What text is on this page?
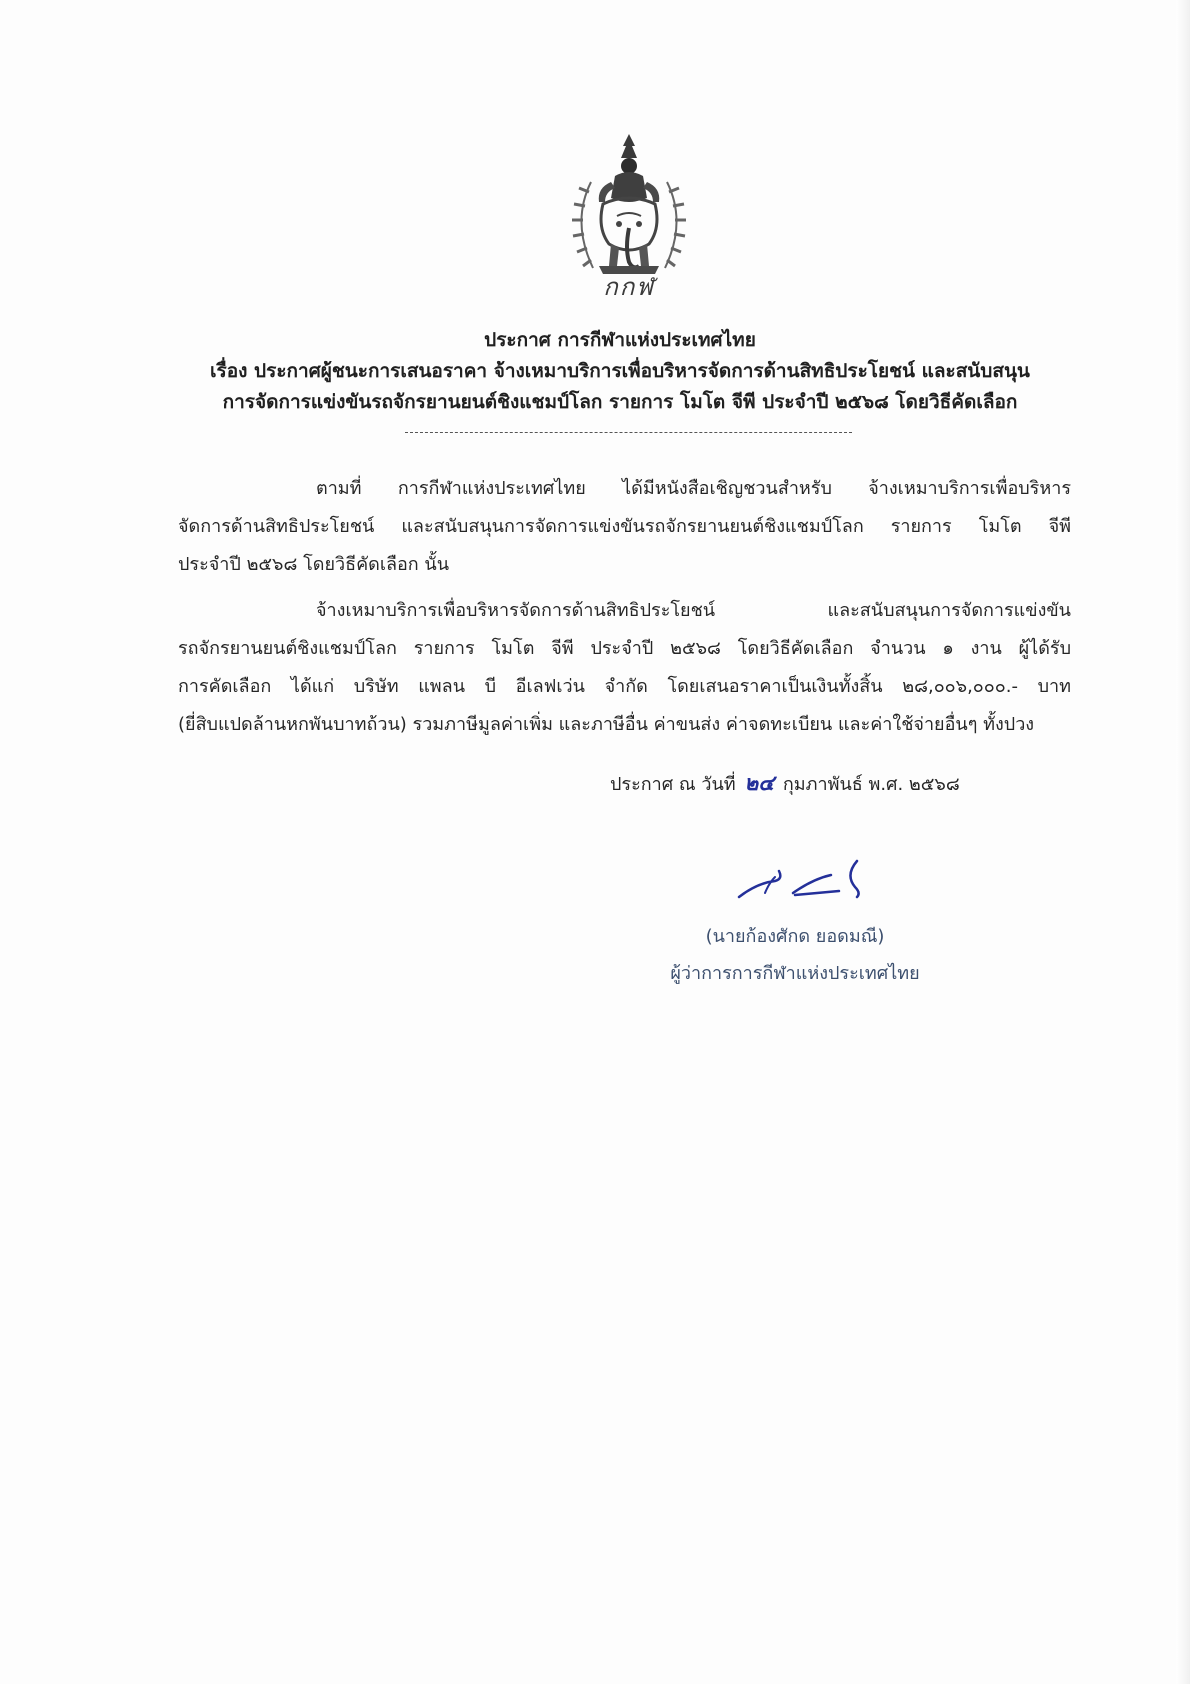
กกฬ
ประกาศ การกีฬาแห่งประเทศไทย
เรื่อง ประกาศผู้ชนะการเสนอราคา จ้างเหมาบริการเพื่อบริหารจัดการด้านสิทธิประโยชน์ และสนับสนุน
การจัดการแข่งขันรถจักรยานยนต์ชิงแชมป์โลก รายการ โมโต จีพี ประจำปี ๒๕๖๘ โดยวิธีคัดเลือก
ตามที่ การกีฬาแห่งประเทศไทย ได้มีหนังสือเชิญชวนสำหรับ จ้างเหมาบริการเพื่อบริหาร
จัดการด้านสิทธิประโยชน์ และสนับสนุนการจัดการแข่งขันรถจักรยานยนต์ชิงแชมป์โลก รายการ โมโต จีพี
ประจำปี ๒๕๖๘ โดยวิธีคัดเลือก นั้น
จ้างเหมาบริการเพื่อบริหารจัดการด้านสิทธิประโยชน์ และสนับสนุนการจัดการแข่งขัน
รถจักรยานยนต์ชิงแชมป์โลก รายการ โมโต จีพี ประจำปี ๒๕๖๘ โดยวิธีคัดเลือก จำนวน ๑ งาน ผู้ได้รับ
การคัดเลือก ได้แก่ บริษัท แพลน บี อีเลฟเว่น จำกัด โดยเสนอราคาเป็นเงินทั้งสิ้น ๒๘,๐๐๖,๐๐๐.- บาท
(ยี่สิบแปดล้านหกพันบาทถ้วน) รวมภาษีมูลค่าเพิ่ม และภาษีอื่น ค่าขนส่ง ค่าจดทะเบียน และค่าใช้จ่ายอื่นๆ ทั้งปวง
ประกาศ ณ วันที่ ๒๔ กุมภาพันธ์ พ.ศ. ๒๕๖๘
(นายก้องศักด ยอดมณี)
ผู้ว่าการการกีฬาแห่งประเทศไทย
